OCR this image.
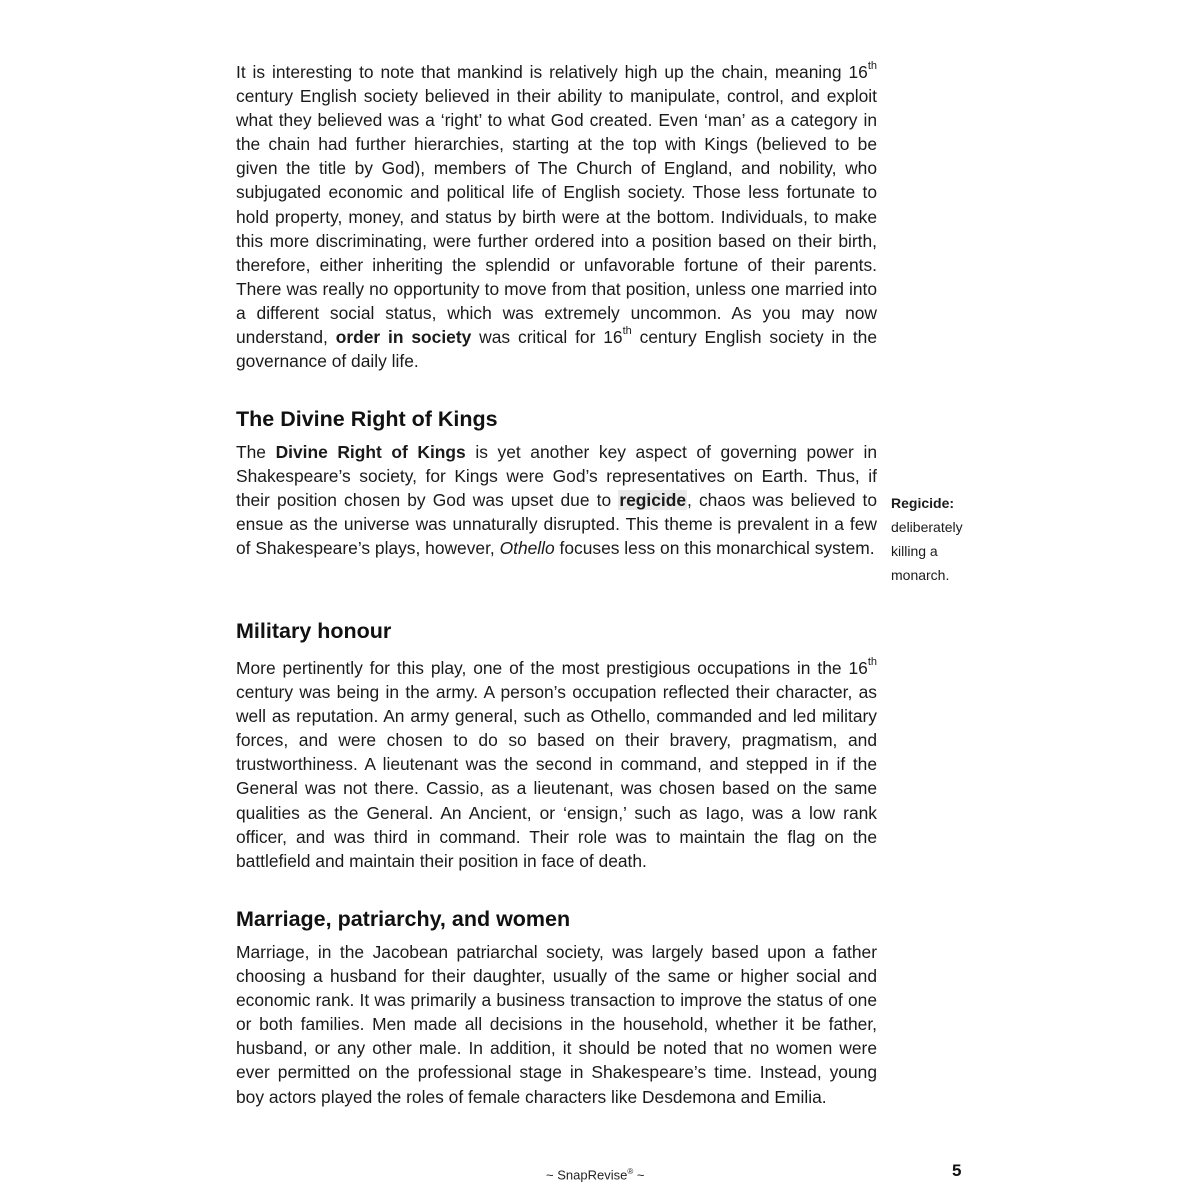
It is interesting to note that mankind is relatively high up the chain, meaning 16th century English society believed in their ability to manipulate, control, and exploit what they believed was a ‘right’ to what God created. Even ‘man’ as a category in the chain had further hierarchies, starting at the top with Kings (believed to be given the title by God), members of The Church of England, and nobility, who subjugated economic and political life of English society. Those less fortunate to hold property, money, and status by birth were at the bottom. Individuals, to make this more discriminating, were further ordered into a position based on their birth, therefore, either inheriting the splendid or unfavorable fortune of their parents. There was really no opportunity to move from that position, unless one married into a different social status, which was extremely uncommon. As you may now understand, order in society was critical for 16th century English society in the governance of daily life.

The Divine Right of Kings

The Divine Right of Kings is yet another key aspect of governing power in Shakespeare’s society, for Kings were God’s representatives on Earth. Thus, if their position chosen by God was upset due to regicide, chaos was believed to ensue as the universe was unnaturally disrupted. This theme is prevalent in a few of Shakespeare’s plays, however, Othello focuses less on this monarchical system.

Regicide:
deliberately killing a monarch.
Military honour

More pertinently for this play, one of the most prestigious occupations in the 16th century was being in the army. A person’s occupation reflected their character, as well as reputation. An army general, such as Othello, commanded and led military forces, and were chosen to do so based on their bravery, pragmatism, and trustworthiness. A lieutenant was the second in command, and stepped in if the General was not there. Cassio, as a lieutenant, was chosen based on the same qualities as the General. An Ancient, or ‘ensign,’ such as Iago, was a low rank officer, and was third in command. Their role was to maintain the flag on the battlefield and maintain their position in face of death.

Marriage, patriarchy, and women

Marriage, in the Jacobean patriarchal society, was largely based upon a father choosing a husband for their daughter, usually of the same or higher social and economic rank. It was primarily a business transaction to improve the status of one or both families. Men made all decisions in the household, whether it be father, husband, or any other male. In addition, it should be noted that no women were ever permitted on the professional stage in Shakespeare’s time. Instead, young boy actors played the roles of female characters like Desdemona and Emilia.

~ SnapRevise® ~	5
